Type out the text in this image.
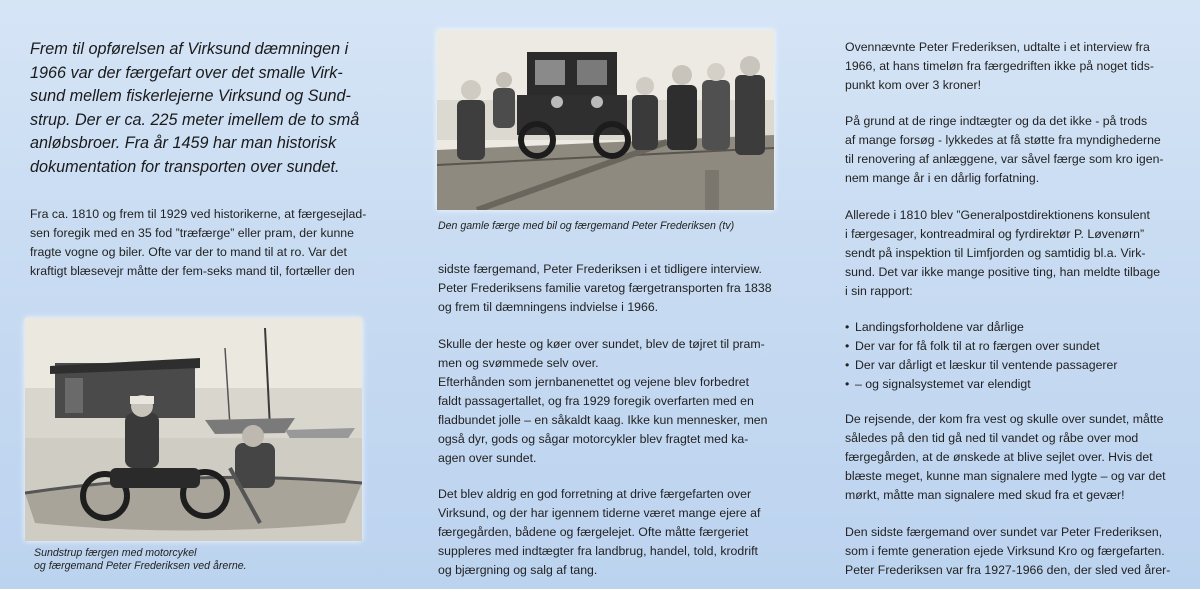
Frem til opførelsen af Virksund dæmningen i
1966 var der færgefart over det smalle Virk-
sund mellem fiskerlejerne Virksund og Sund-
strup. Der er ca. 225 meter imellem de to små
anløbsbroer. Fra år 1459 har man historisk
dokumentation for transporten over sundet.
Fra ca. 1810 og frem til 1929 ved historikerne, at færgesejlad-
sen foregik med en 35 fod ”træfærge” eller pram, der kunne
fragte vogne og biler. Ofte var der to mand til at ro. Var det
kraftigt blæsevejr måtte der fem-seks mand til, fortæller den
Sundstrup færgen med motorcykel
og færgemand Peter Frederiksen ved årerne.
Den gamle færge med bil og færgemand Peter Frederiksen (tv)
sidste færgemand, Peter Frederiksen i et tidligere interview.
Peter Frederiksens familie varetog færgetransporten fra 1838
og frem til dæmningens indvielse i 1966.
Skulle der heste og køer over sundet, blev de tøjret til pram-
men og svømmede selv over.
Efterhånden som jernbanenettet og vejene blev forbedret
faldt passagertallet, og fra 1929 foregik overfarten med en
fladbundet jolle – en såkaldt kaag. Ikke kun mennesker, men
også dyr, gods og sågar motorcykler blev fragtet med ka-
agen over sundet.
Det blev aldrig en god forretning at drive færgefarten over
Virksund, og der har igennem tiderne været mange ejere af
færgegården, bådene og færgelejet. Ofte måtte færgeriet
suppleres med indtægter fra landbrug, handel, told, krodrift
og bjærgning og salg af tang.
Ovennævnte Peter Frederiksen, udtalte i et interview fra
1966, at hans timeløn fra færgedriften ikke på noget tids-
punkt kom over 3 kroner!
På grund at de ringe indtægter og da det ikke - på trods
af mange forsøg - lykkedes at få støtte fra myndighederne
til renovering af anlæggene, var såvel færge som kro igen-
nem mange år i en dårlig forfatning.
Allerede i 1810 blev ”Generalpostdirektionens konsulent
i færgesager, kontreadmiral og fyrdirektør P. Løvenørn”
sendt på inspektion til Limfjorden og samtidig bl.a. Virk-
sund. Det var ikke mange positive ting, han meldte tilbage
i sin rapport:
• Landingsforholdene var dårlige
• Der var for få folk til at ro færgen over sundet
• Der var dårligt et læskur til ventende passagerer
• – og signalsystemet var elendigt
De rejsende, der kom fra vest og skulle over sundet, måtte
således på den tid gå ned til vandet og råbe over mod
færgegården, at de ønskede at blive sejlet over. Hvis det
blæste meget, kunne man signalere med lygte – og var det
mørkt, måtte man signalere med skud fra et gevær!
Den sidste færgemand over sundet var Peter Frederiksen,
som i femte generation ejede Virksund Kro og færgefarten.
Peter Frederiksen var fra 1927-1966 den, der sled ved årer-
